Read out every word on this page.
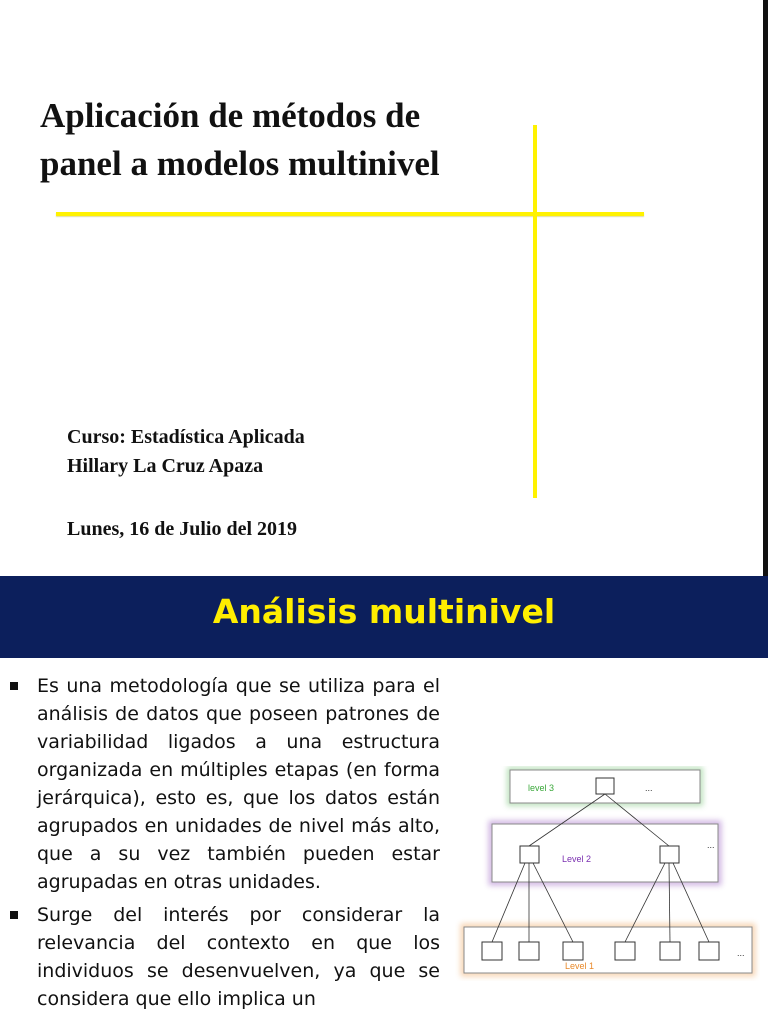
Aplicación de métodos de
panel a modelos multinivel
Curso: Estadística Aplicada
Hillary La Cruz Apaza
Lunes, 16 de Julio del 2019
Análisis multinivel
Es una metodología que se utiliza para el análisis de datos que poseen patrones de variabilidad ligados a una estructura organizada en múltiples etapas (en forma jerárquica), esto es, que los datos están agrupados en unidades de nivel más alto, que a su vez también pueden estar agrupadas en otras unidades.
Surge del interés por considerar la relevancia del contexto en que los individuos se desenvuelven, ya que se considera que ello implica un
level 3	...
Level 2
...
Level 1
...
